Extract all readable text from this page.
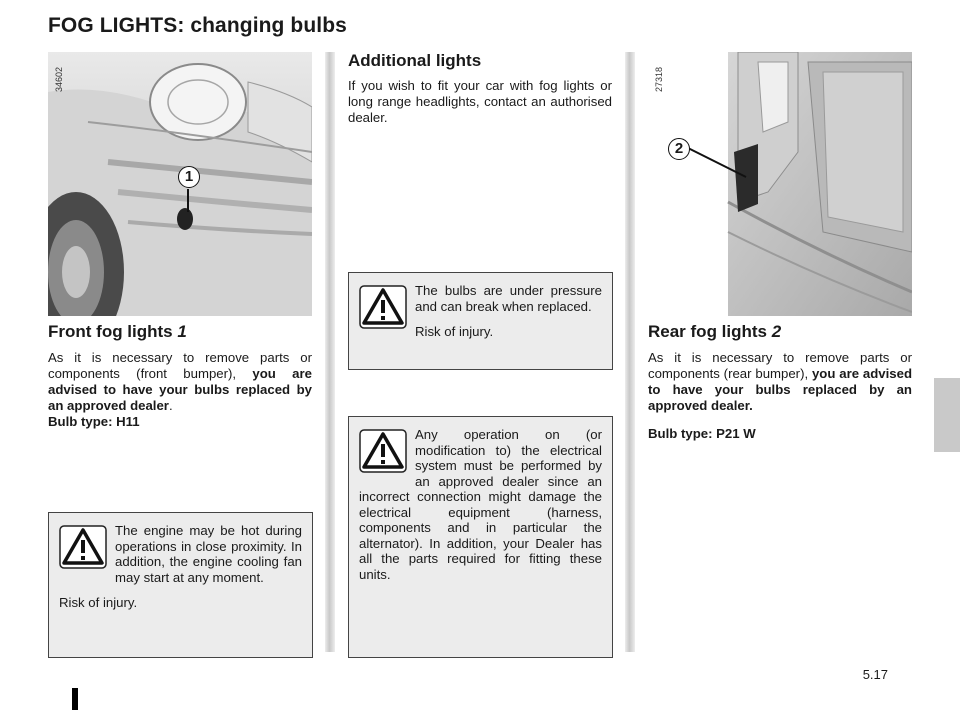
FOG LIGHTS: changing bulbs
34602
1
Front fog lights 1

As it is necessary to remove parts or components (front bumper), you are advised to have your bulbs replaced by an approved dealer.
Bulb type: H11

The engine may be hot during operations in close proximity. In addition, the engine cooling fan may start at any moment.

Risk of injury.

Additional lights

If you wish to fit your car with fog lights or long range headlights, contact an authorised dealer.

The bulbs are under pressure and can break when replaced.

Risk of injury.

Any operation on (or modification to) the electrical system must be performed by an approved dealer since an incorrect connection might damage the electrical equipment (harness, components and in particular the alternator). In addition, your Dealer has all the parts required for fitting these units.

27318
2
Rear fog lights 2

As it is necessary to remove parts or components (rear bumper), you are advised to have your bulbs replaced by an approved dealer.

Bulb type: P21 W

5.17
